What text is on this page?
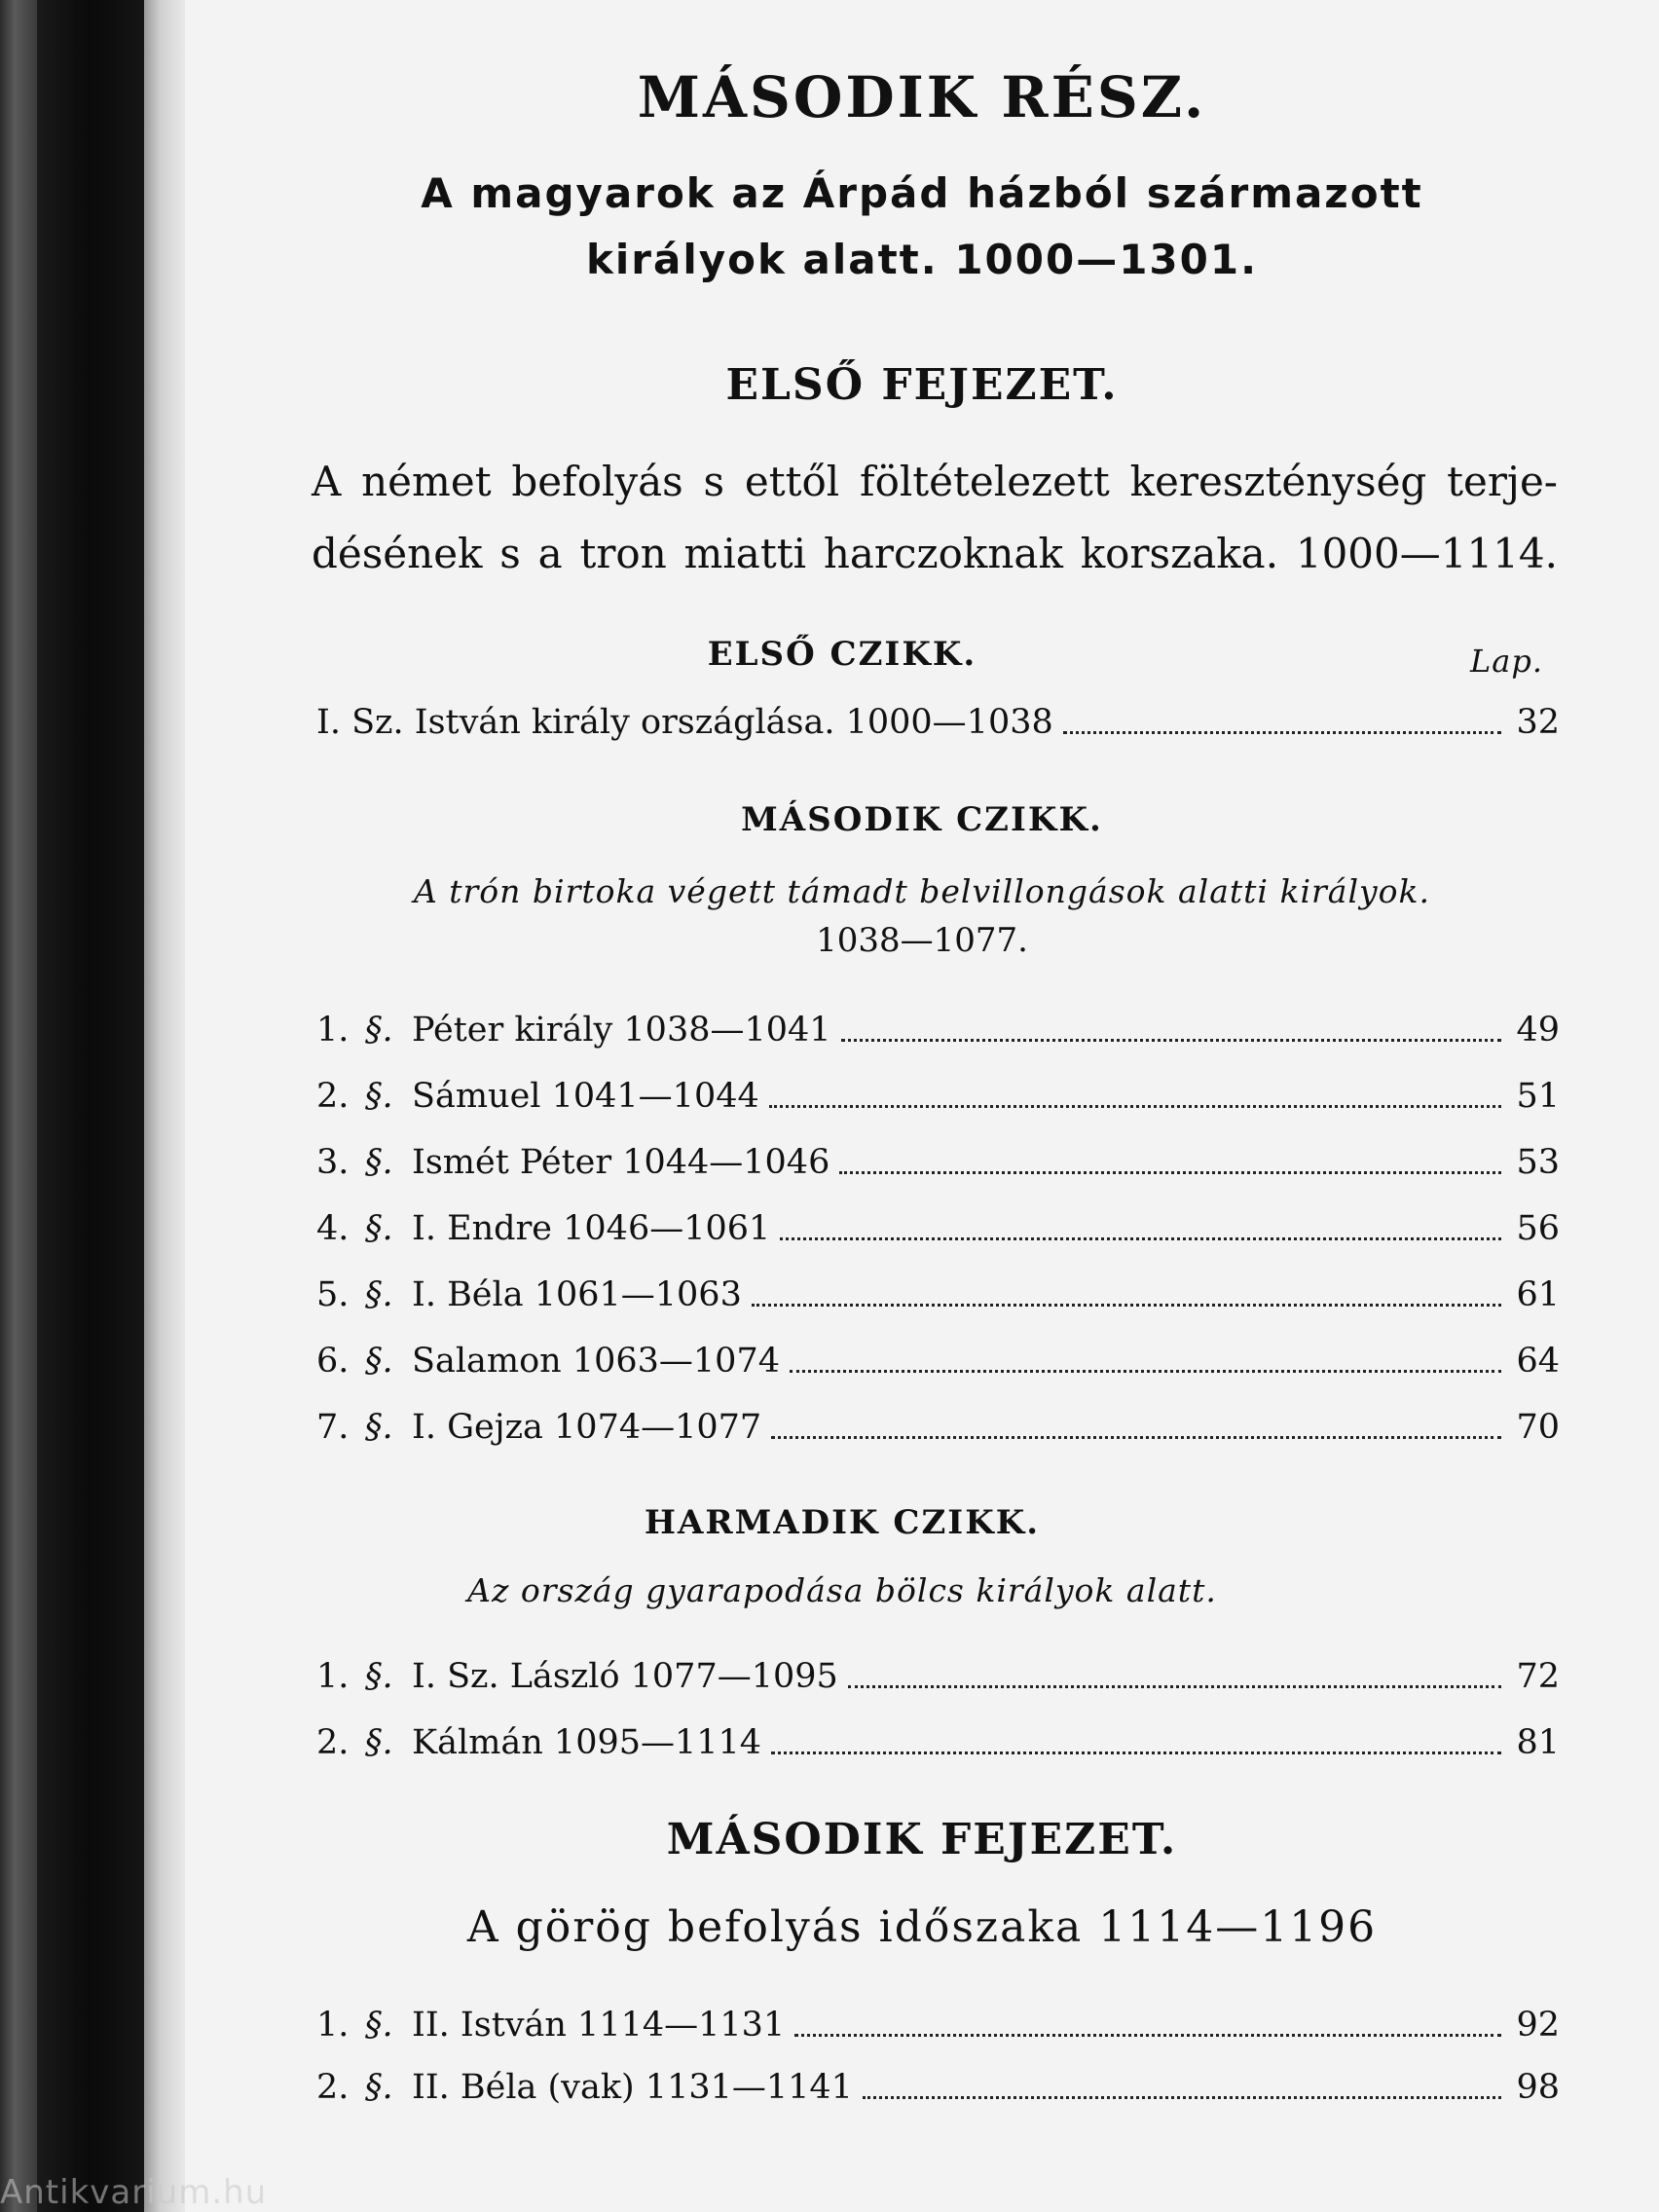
MÁSODIK RÉSZ.
A magyarok az Árpád házból származott
királyok alatt. 1000—1301.
ELSŐ FEJEZET.
A német befolyás s ettől föltételezett kereszténység terje-
désének s a tron miatti harczoknak korszaka. 1000—1114.
ELSŐ CZIKK.	Lap.
I. Sz. István király országlása. 1000—1038	32
MÁSODIK CZIKK.
A trón birtoka végett támadt belvillongások alatti királyok.
1038—1077.
1. §. Péter király 1038—1041	49
2. §. Sámuel 1041—1044	51
3. §. Ismét Péter 1044—1046	53
4. §. I. Endre 1046—1061	56
5. §. I. Béla 1061—1063	61
6. §. Salamon 1063—1074	64
7. §. I. Gejza 1074—1077	70
HARMADIK CZIKK.
Az ország gyarapodása bölcs királyok alatt.
1. §. I. Sz. László 1077—1095	72
2. §. Kálmán 1095—1114	81
MÁSODIK FEJEZET.
A görög befolyás időszaka 1114—1196
1. §. II. István 1114—1131	92
2. §. II. Béla (vak) 1131—1141	98
Antikvarium.hu
